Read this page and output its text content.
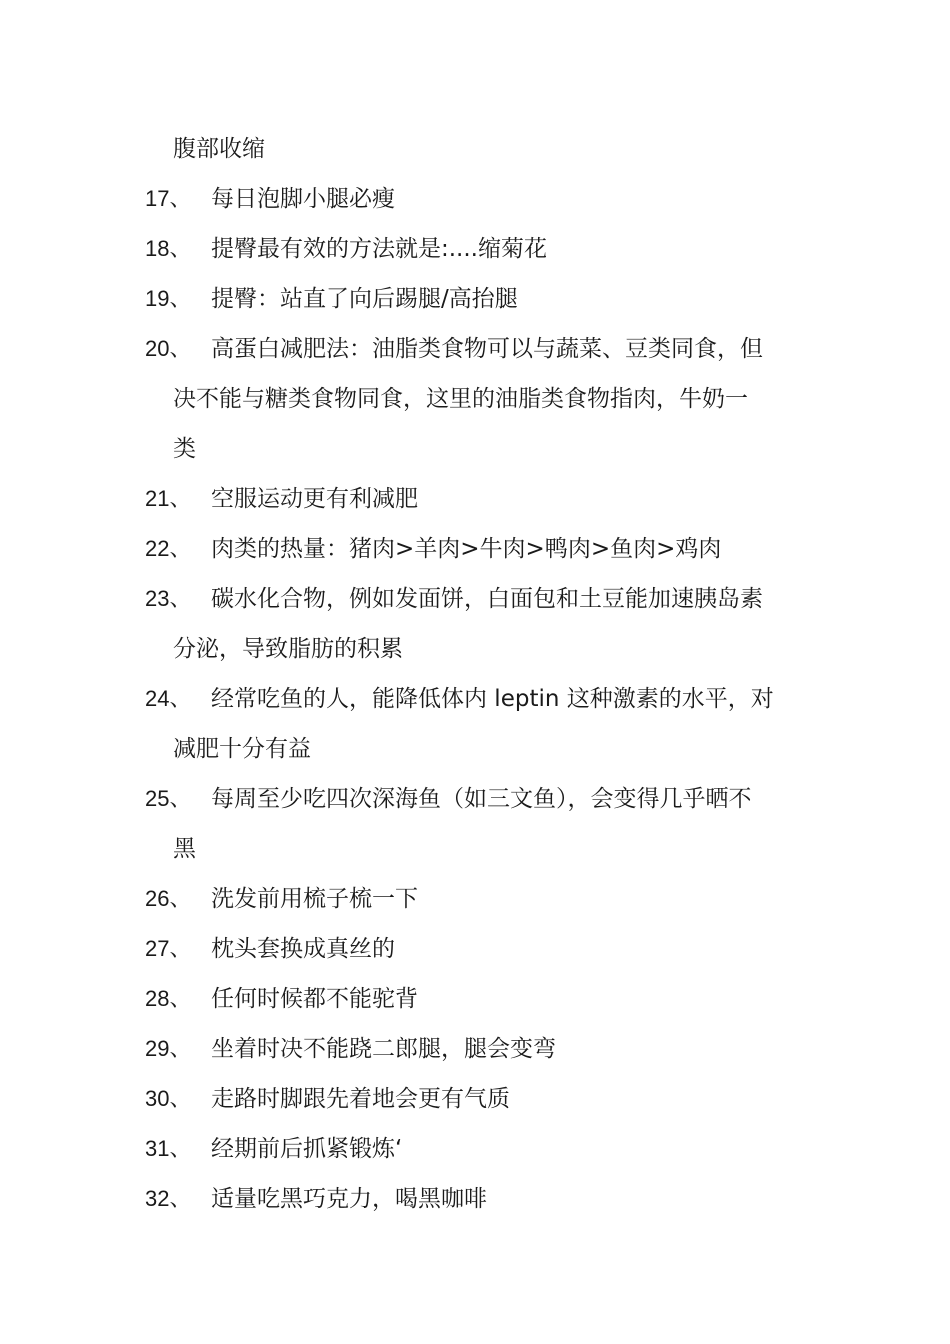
腹部收缩
17、 每日泡脚小腿必瘦
18、 提臀最有效的方法就是:....缩菊花
19、 提臀：站直了向后踢腿/高抬腿
20、 高蛋白减肥法：油脂类食物可以与蔬菜、豆类同食，但
决不能与糖类食物同食，这里的油脂类食物指肉，牛奶一
类
21、 空服运动更有利减肥
22、 肉类的热量：猪肉>羊肉>牛肉>鸭肉>鱼肉>鸡肉
23、 碳水化合物，例如发面饼，白面包和土豆能加速胰岛素
分泌，导致脂肪的积累
24、 经常吃鱼的人，能降低体内 leptin 这种激素的水平，对
减肥十分有益
25、 每周至少吃四次深海鱼（如三文鱼），会变得几乎晒不
黑
26、 洗发前用梳子梳一下
27、 枕头套换成真丝的
28、 任何时候都不能驼背
29、 坐着时决不能跷二郎腿，腿会变弯
30、 走路时脚跟先着地会更有气质
31、 经期前后抓紧锻炼‘
32、 适量吃黑巧克力，喝黑咖啡
